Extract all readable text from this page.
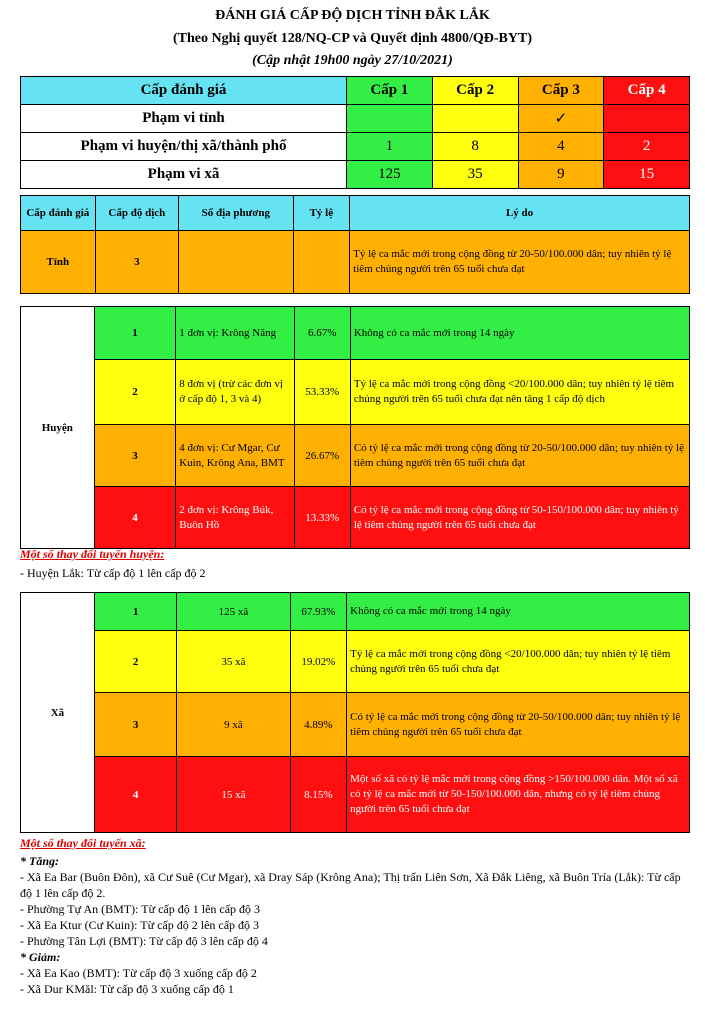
ĐÁNH GIÁ CẤP ĐỘ DỊCH TỈNH ĐẮK LẮK
(Theo Nghị quyết 128/NQ-CP và Quyết định 4800/QĐ-BYT)
(Cập nhật 19h00 ngày 27/10/2021)
Cấp đánh giá	Cấp 1	Cấp 2	Cấp 3	Cấp 4
Phạm vi tỉnh			✓	
Phạm vi huyện/thị xã/thành phố	1	8	4	2
Phạm vi xã	125	35	9	15
Cấp đánh giá	Cấp độ dịch	Số địa phương	Tỷ lệ	Lý do
Tỉnh	3			Tỷ lệ ca mắc mới trong cộng đồng từ 20-50/100.000 dân; tuy nhiên tỷ lệ tiêm chủng người trên 65 tuổi chưa đạt
Huyện	1	1 đơn vị: Krông Năng	6.67%	Không có ca mắc mới trong 14 ngày
	2	8 đơn vị (trừ các đơn vị ở cấp độ 1, 3 và 4)	53.33%	Tỷ lệ ca mắc mới trong cộng đồng <20/100.000 dân; tuy nhiên tỷ lệ tiêm chủng người trên 65 tuổi chưa đạt nên tăng 1 cấp độ dịch
	3	4 đơn vị: Cư Mgar, Cư Kuin, Krông Ana, BMT	26.67%	Có tỷ lệ ca mắc mới trong cộng đồng từ 20-50/100.000 dân; tuy nhiên tỷ lệ tiêm chủng người trên 65 tuổi chưa đạt
	4	2 đơn vị: Krông Búk, Buôn Hồ	13.33%	Có tỷ lệ ca mắc mới trong cộng đồng từ 50-150/100.000 dân; tuy nhiên tỷ lệ tiêm chủng người trên 65 tuổi chưa đạt
Một số thay đổi tuyến huyện:
- Huyện Lắk: Từ cấp độ 1 lên cấp độ 2
Xã	1	125 xã	67.93%	Không có ca mắc mới trong 14 ngày
	2	35 xã	19.02%	Tỷ lệ ca mắc mới trong cộng đồng <20/100.000 dân; tuy nhiên tỷ lệ tiêm chủng người trên 65 tuổi chưa đạt
	3	9 xã	4.89%	Có tỷ lệ ca mắc mới trong cộng đồng từ 20-50/100.000 dân; tuy nhiên tỷ lệ tiêm chủng người trên 65 tuổi chưa đạt
	4	15 xã	8.15%	Một số xã có tỷ lệ mắc mới trong cộng đồng >150/100.000 dân. Một số xã có tỷ lệ ca mắc mới từ 50-150/100.000 dân, nhưng có tỷ lệ tiêm chủng người trên 65 tuổi chưa đạt
Một số thay đổi tuyến xã:
* Tăng:
- Xã Ea Bar (Buôn Đôn), xã Cư Suê (Cư Mgar), xã Dray Sáp (Krông Ana); Thị trấn Liên Sơn, Xã Đắk Liêng, xã Buôn Tría (Lắk): Từ cấp độ 1 lên cấp độ 2.
- Phường Tự An (BMT): Từ cấp độ 1 lên cấp độ 3
- Xã Ea Ktur (Cư Kuin): Từ cấp độ 2 lên cấp độ 3
- Phường Tân Lợi (BMT): Từ cấp độ 3 lên cấp độ 4
* Giảm:
- Xã Ea Kao (BMT): Từ cấp độ 3 xuống cấp độ 2
- Xã Dur KMăl: Từ cấp độ 3 xuống cấp độ 1
